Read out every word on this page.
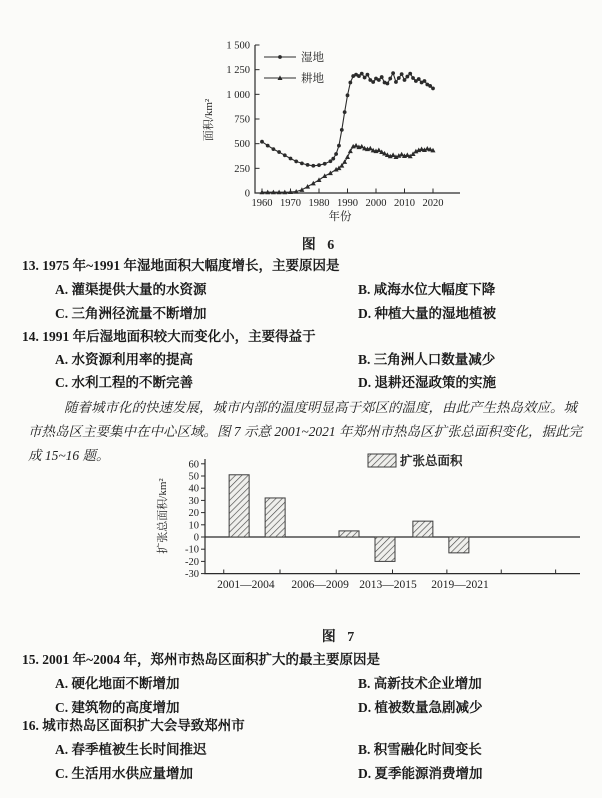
0
250
500
750
1 000
1 250
1 500
1960 1970 1980 1990 2000 2010 2020
面积/km²
年份
湿地
耕地
图 6
13. 1975 年~1991 年湿地面积大幅度增长，主要原因是
A. 灌渠提供大量的水资源	B. 咸海水位大幅度下降
C. 三角洲径流量不断增加	D. 种植大量的湿地植被
14. 1991 年后湿地面积较大而变化小，主要得益于
A. 水资源利用率的提高	B. 三角洲人口数量减少
C. 水利工程的不断完善	D. 退耕还湿政策的实施
随着城市化的快速发展，城市内部的温度明显高于郊区的温度，由此产生热岛效应。城
市热岛区主要集中在中心区域。图 7 示意 2001~2021 年郑州市热岛区扩张总面积变化，据此完
成 15~16 题。
60
50
40
30
20
10
0
-10
-20
-30
2001—2004 2006—2009 2013—2015 2019—2021
扩张总面积/km²
扩张总面积
图 7
15. 2001 年~2004 年，郑州市热岛区面积扩大的最主要原因是
A. 硬化地面不断增加	B. 高新技术企业增加
C. 建筑物的高度增加	D. 植被数量急剧减少
16. 城市热岛区面积扩大会导致郑州市
A. 春季植被生长时间推迟	B. 积雪融化时间变长
C. 生活用水供应量增加	D. 夏季能源消费增加
